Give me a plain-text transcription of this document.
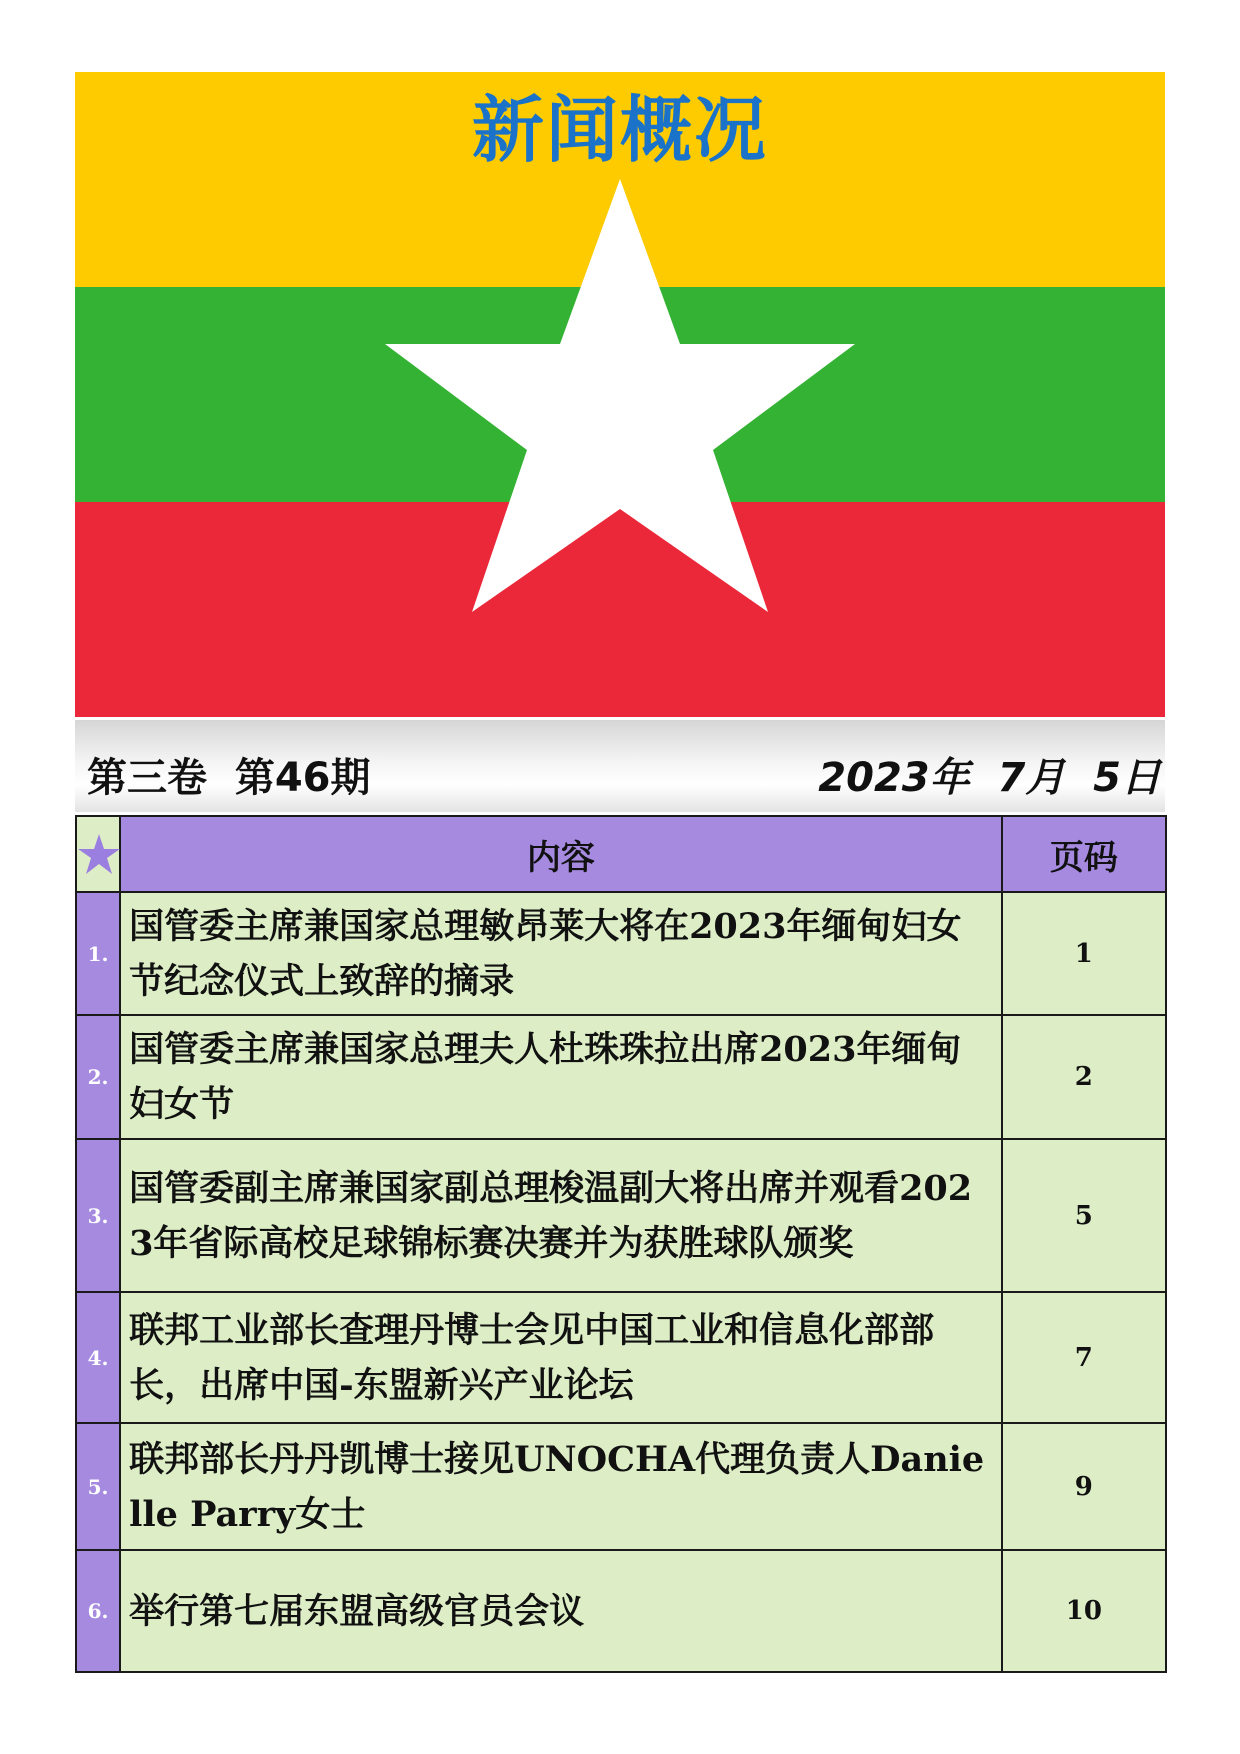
新闻概况
第三卷  第46期	2023年  7月  5日
	内容	页码
1.	国管委主席兼国家总理敏昂莱大将在2023年缅甸妇女节纪念仪式上致辞的摘录	1
2.	国管委主席兼国家总理夫人杜珠珠拉出席2023年缅甸妇女节	2
3.	国管委副主席兼国家副总理梭温副大将出席并观看2023年省际高校足球锦标赛决赛并为获胜球队颁奖	5
4.	联邦工业部长查理丹博士会见中国工业和信息化部部长，出席中国-东盟新兴产业论坛	7
5.	联邦部长丹丹凯博士接见UNOCHA代理负责人Danielle Parry女士	9
6.	举行第七届东盟高级官员会议	10
